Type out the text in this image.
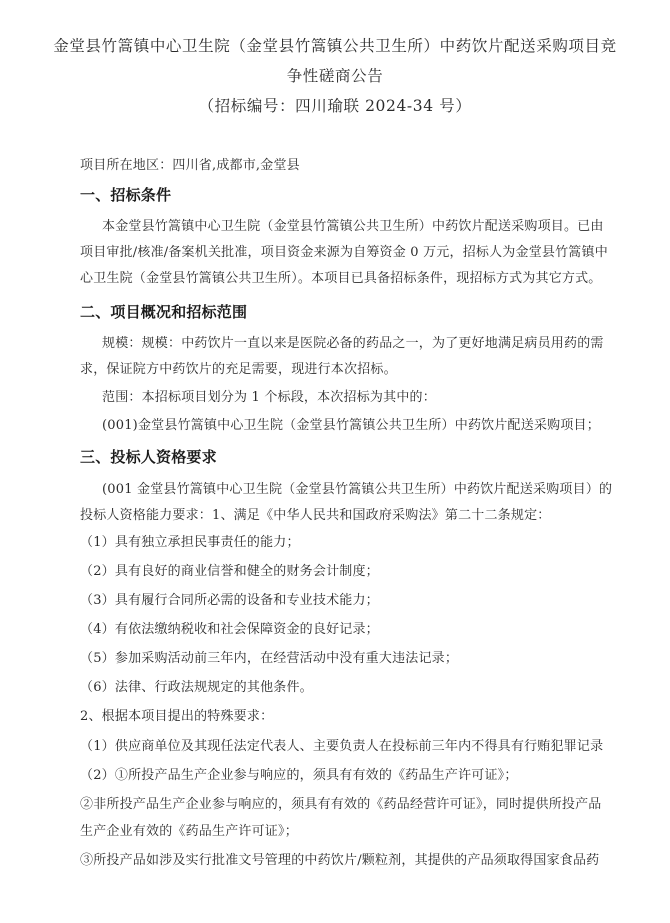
金堂县竹篙镇中心卫生院（金堂县竹篙镇公共卫生所）中药饮片配送采购项目竞
争性磋商公告
（招标编号：四川瑜联 2024-34 号）
项目所在地区：四川省,成都市,金堂县
一、招标条件
本金堂县竹篙镇中心卫生院（金堂县竹篙镇公共卫生所）中药饮片配送采购项目。已由
项目审批/核准/备案机关批准，项目资金来源为自筹资金 0 万元，招标人为金堂县竹篙镇中
心卫生院（金堂县竹篙镇公共卫生所）。本项目已具备招标条件，现招标方式为其它方式。
二、项目概况和招标范围
规模：规模：中药饮片一直以来是医院必备的药品之一，为了更好地满足病员用药的需
求，保证院方中药饮片的充足需要，现进行本次招标。
范围：本招标项目划分为 1 个标段，本次招标为其中的：
(001)金堂县竹篙镇中心卫生院（金堂县竹篙镇公共卫生所）中药饮片配送采购项目；
三、投标人资格要求
(001 金堂县竹篙镇中心卫生院（金堂县竹篙镇公共卫生所）中药饮片配送采购项目）的
投标人资格能力要求：1、满足《中华人民共和国政府采购法》第二十二条规定：
（1）具有独立承担民事责任的能力；
（2）具有良好的商业信誉和健全的财务会计制度；
（3）具有履行合同所必需的设备和专业技术能力；
（4）有依法缴纳税收和社会保障资金的良好记录；
（5）参加采购活动前三年内，在经营活动中没有重大违法记录；
（6）法律、行政法规规定的其他条件。
2、根据本项目提出的特殊要求：
（1）供应商单位及其现任法定代表人、主要负责人在投标前三年内不得具有行贿犯罪记录
（2）①所投产品生产企业参与响应的，须具有有效的《药品生产许可证》；
②非所投产品生产企业参与响应的，须具有有效的《药品经营许可证》，同时提供所投产品
生产企业有效的《药品生产许可证》；
③所投产品如涉及实行批准文号管理的中药饮片/颗粒剂，其提供的产品须取得国家食品药
